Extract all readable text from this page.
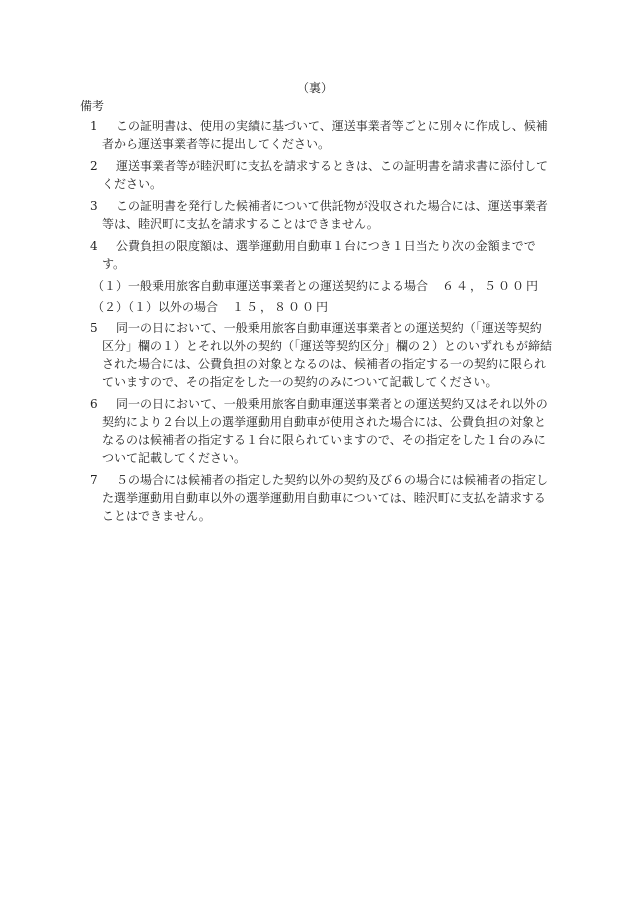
（裏）
備考
1	この証明書は、使用の実績に基づいて、運送事業者等ごとに別々に作成し、候補者から運送事業者等に提出してください。
2	運送事業者等が睦沢町に支払を請求するときは、この証明書を請求書に添付してください。
3	この証明書を発行した候補者について供託物が没収された場合には、運送事業者等は、睦沢町に支払を請求することはできません。
4	公費負担の限度額は、選挙運動用自動車１台につき１日当たり次の金額までです。
（１）一般乗用旅客自動車運送事業者との運送契約による場合 ６４，５００円
（２）（１）以外の場合 １５，８００円
5	同一の日において、一般乗用旅客自動車運送事業者との運送契約（「運送等契約区分」欄の１）とそれ以外の契約（「運送等契約区分」欄の２）とのいずれもが締結された場合には、公費負担の対象となるのは、候補者の指定する一の契約に限られていますので、その指定をした一の契約のみについて記載してください。
6	同一の日において、一般乗用旅客自動車運送事業者との運送契約又はそれ以外の契約により２台以上の選挙運動用自動車が使用された場合には、公費負担の対象となるのは候補者の指定する１台に限られていますので、その指定をした１台のみについて記載してください。
7	５の場合には候補者の指定した契約以外の契約及び６の場合には候補者の指定した選挙運動用自動車以外の選挙運動用自動車については、睦沢町に支払を請求することはできません。
